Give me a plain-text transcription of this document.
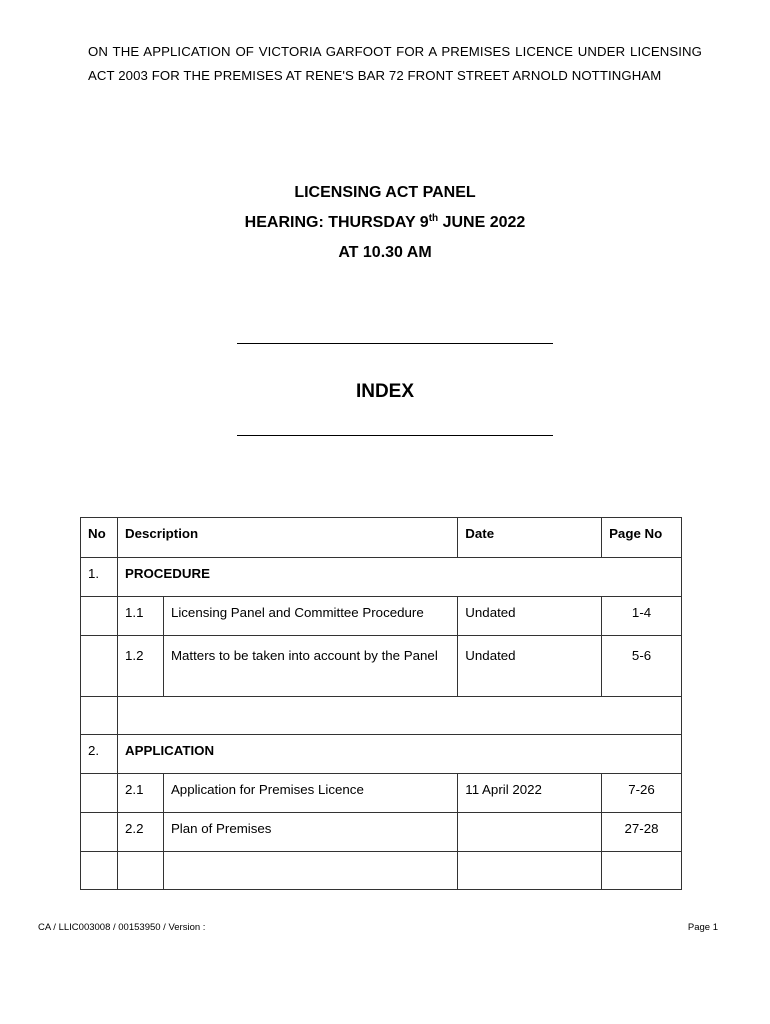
ON THE APPLICATION OF VICTORIA GARFOOT FOR A PREMISES LICENCE UNDER LICENSING ACT 2003 FOR THE PREMISES AT RENE'S BAR 72 FRONT STREET ARNOLD NOTTINGHAM
LICENSING ACT PANEL
HEARING: THURSDAY 9th JUNE 2022
AT 10.30 AM
INDEX
No	Description		Date	Page No
1.	PROCEDURE			
	1.1	Licensing Panel and Committee Procedure	Undated	1-4
	1.2	Matters to be taken into account by the Panel	Undated	5-6

2.	APPLICATION			
	2.1	Application for Premises Licence	11 April 2022	7-26
	2.2	Plan of Premises		27-28

CA / LLIC003008 / 00153950 / Version :	Page 1
